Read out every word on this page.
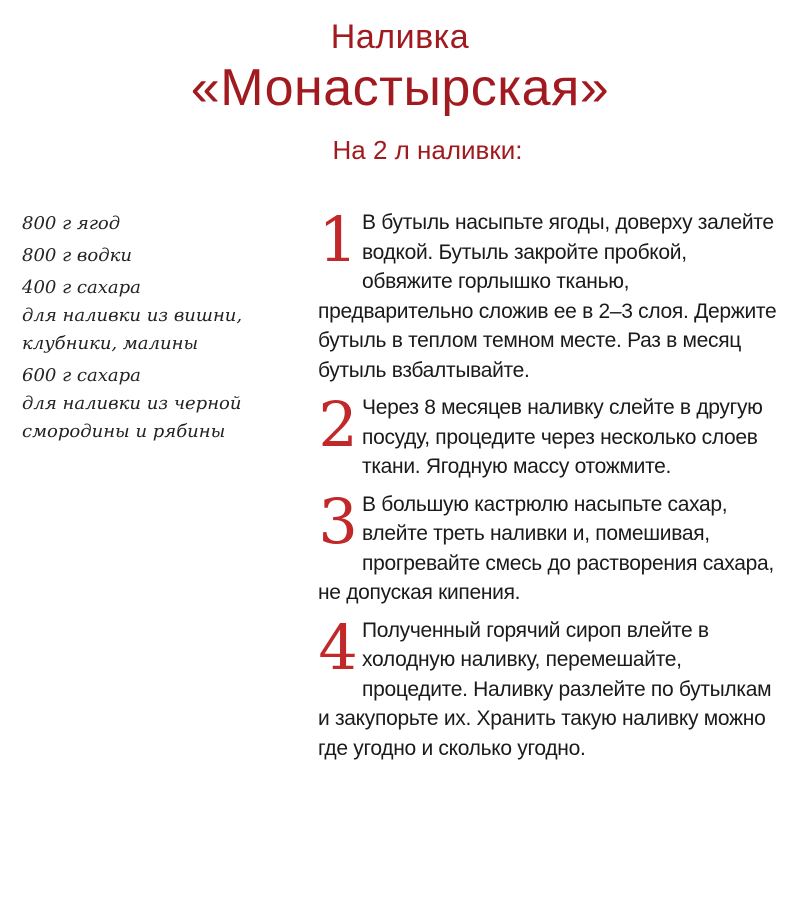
Наливка
«Монастырская»
На 2 л наливки:
800 г ягод
800 г водки
400 г сахара
для наливки из вишни, клубники, малины
600 г сахара
для наливки из черной смородины и рябины
1 В бутыль насыпьте ягоды, доверху залейте водкой. Бутыль закройте пробкой, обвяжите горлышко тканью, предварительно сложив ее в 2–3 слоя. Держите бутыль в теплом темном месте. Раз в месяц бутыль взбалтывайте.
2 Через 8 месяцев наливку слейте в другую посуду, процедите через несколько слоев ткани. Ягодную массу отожмите.
3 В большую кастрюлю насыпьте сахар, влейте треть наливки и, помешивая, прогревайте смесь до растворения сахара, не допуская кипения.
4 Полученный горячий сироп влейте в холодную наливку, перемешайте, процедите. Наливку разлейте по бутылкам и закупорьте их. Хранить такую наливку можно где угодно и сколько угодно.
